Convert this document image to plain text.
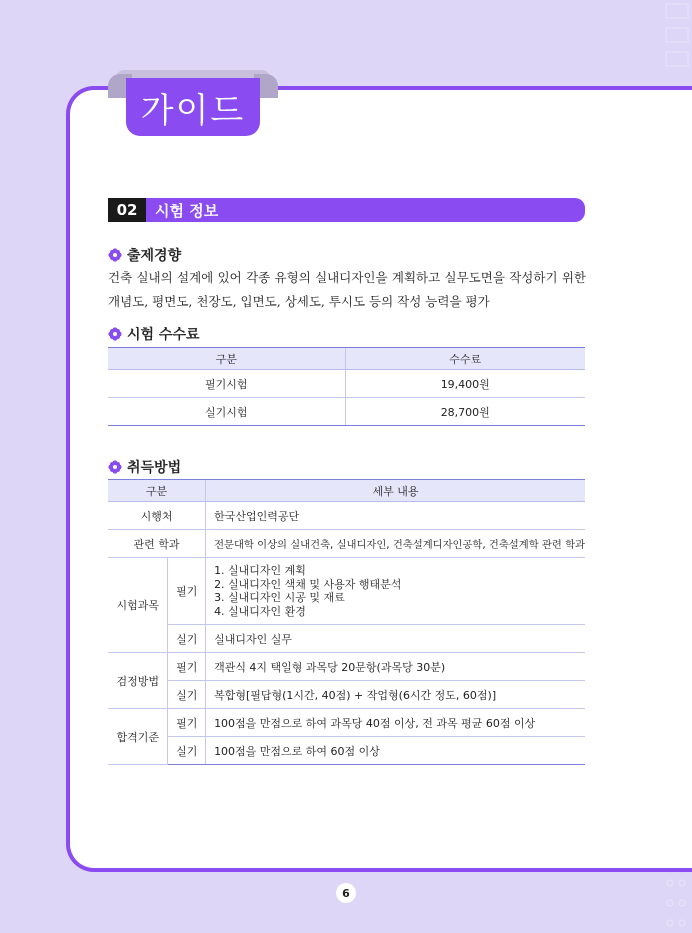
가이드
02	시험 정보
출제경향

건축 실내의 설계에 있어 각종 유형의 실내디자인을 계획하고 실무도면을 작성하기 위한 개념도, 평면도, 천장도, 입면도, 상세도, 투시도 등의 작성 능력을 평가

시험 수수료
구분	수수료
필기시험	19,400원
실기시험	28,700원
취득방법
구분		세부 내용
시행처		한국산업인력공단
관련 학과		전문대학 이상의 실내건축, 실내디자인, 건축설계디자인공학, 건축설계학 관련 학과
시험과목	필기	1. 실내디자인 계획
2. 실내디자인 색채 및 사용자 행태분석
3. 실내디자인 시공 및 재료
4. 실내디자인 환경

	실기	실내디자인 실무
검정방법	필기	객관식 4지 택일형 과목당 20문항(과목당 30분)
	실기	복합형[필답형(1시간, 40점) + 작업형(6시간 정도, 60점)]
합격기준	필기	100점을 만점으로 하여 과목당 40점 이상, 전 과목 평균 60점 이상
	실기	100점을 만점으로 하여 60점 이상
6
